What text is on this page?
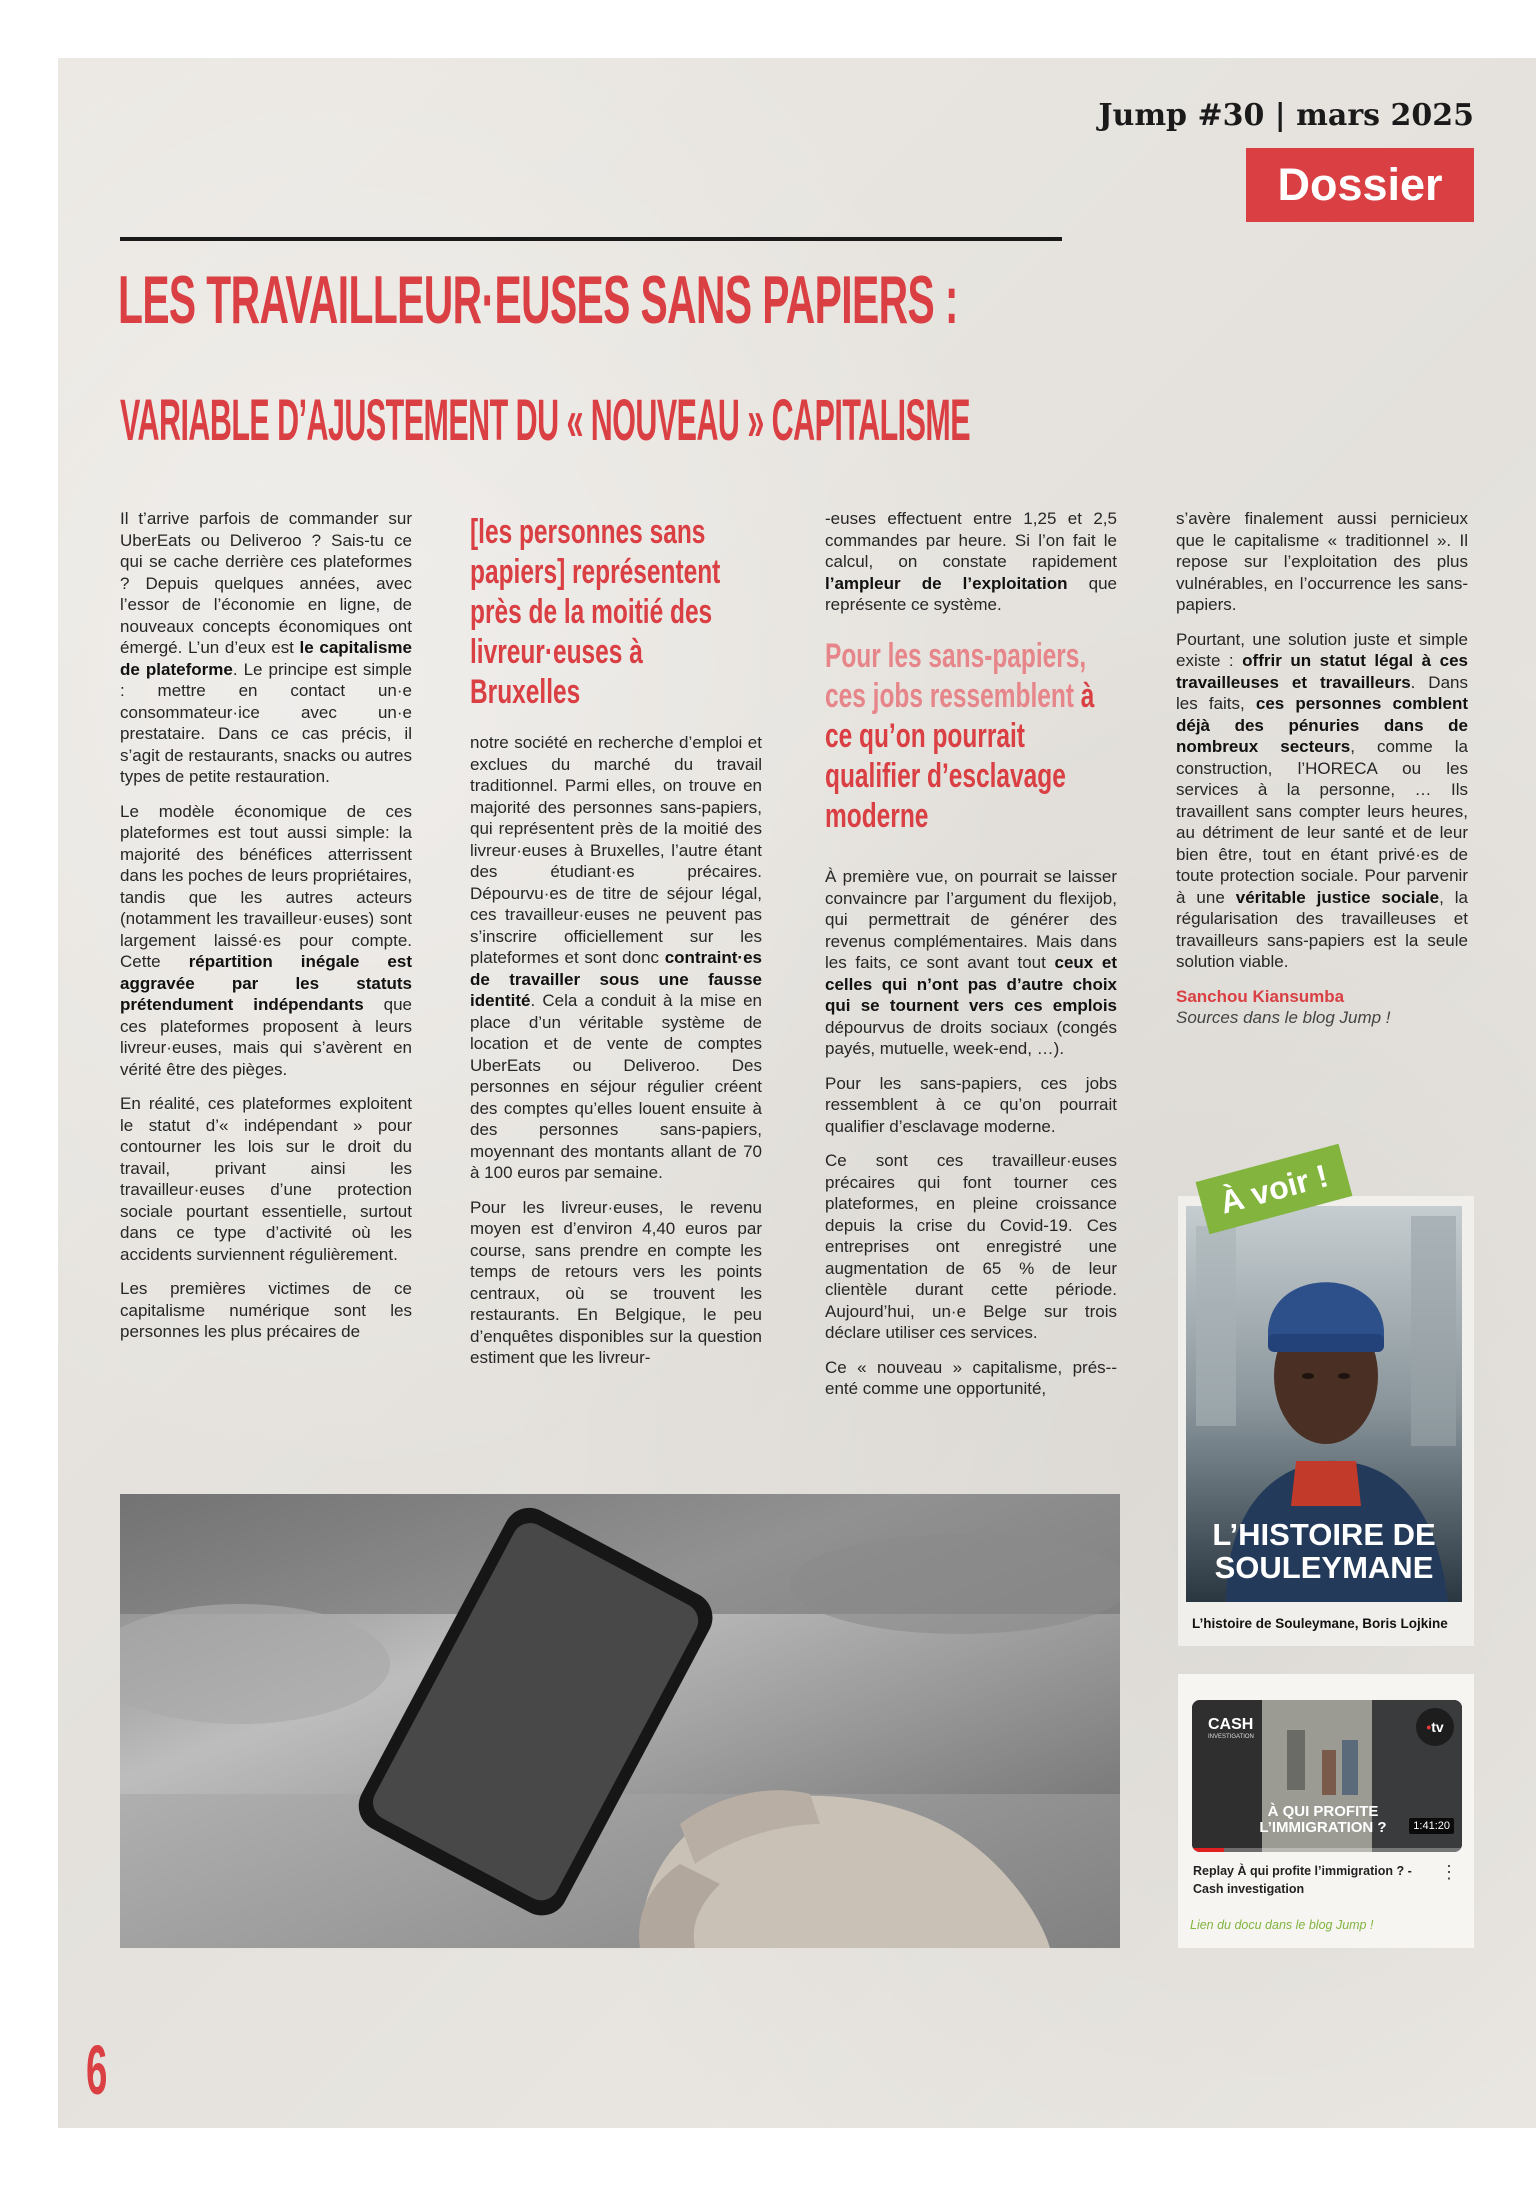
Jump #30 | mars 2025
Dossier
LES TRAVAILLEUR·EUSES SANS PAPIERS :
VARIABLE D’AJUSTEMENT DU « NOUVEAU » CAPITALISME

Il t’arrive parfois de commander sur UberEats ou Deliveroo ? Sais-tu ce qui se cache derrière ces plateformes ? Depuis quelques années, avec l’essor de l’économie en ligne, de nouveaux concepts économiques ont émergé. L’un d’eux est le capitalisme de plateforme. Le principe est simple : mettre en contact un·e consommateur·ice avec un·e prestataire. Dans ce cas précis, il s’agit de restaurants, snacks ou autres types de petite restauration.

Le modèle économique de ces plateformes est tout aussi simple: la majorité des bénéfices atterrissent dans les poches de leurs propriétaires, tandis que les autres acteurs (notamment les travailleur·euses) sont largement laissé·es pour compte. Cette répartition inégale est aggravée par les statuts prétendument indépendants que ces plateformes proposent à leurs livreur·euses, mais qui s’avèrent en vérité être des pièges.

En réalité, ces plateformes exploitent le statut d’« indépendant » pour contourner les lois sur le droit du travail, privant ainsi les travailleur·euses d’une protection sociale pourtant essentielle, surtout dans ce type d’activité où les accidents surviennent régulièrement.

Les premières victimes de ce capitalisme numérique sont les personnes les plus précaires de

[les personnes sans papiers] représentent près de la moitié des livreur·euses à Bruxelles

notre société en recherche d’emploi et exclues du marché du travail traditionnel. Parmi elles, on trouve en majorité des personnes sans-papiers, qui représentent près de la moitié des livreur·euses à Bruxelles, l’autre étant des étudiant·es précaires. Dépourvu·es de titre de séjour légal, ces travailleur·euses ne peuvent pas s’inscrire officiellement sur les plateformes et sont donc contraint·es de travailler sous une fausse identité. Cela a conduit à la mise en place d’un véritable système de location et de vente de comptes UberEats ou Deliveroo. Des personnes en séjour régulier créent des comptes qu’elles louent ensuite à des personnes sans-papiers, moyennant des montants allant de 70 à 100 euros par semaine.

Pour les livreur·euses, le revenu moyen est d’environ 4,40 euros par course, sans prendre en compte les temps de retours vers les points centraux, où se trouvent les restaurants. En Belgique, le peu d’enquêtes disponibles sur la question estiment que les livreur-

-euses effectuent entre 1,25 et 2,5 commandes par heure. Si l’on fait le calcul, on constate rapidement l’ampleur de l’exploitation que représente ce système.

Pour les sans-papiers, ces jobs ressemblent à ce qu’on pourrait qualifier d’esclavage moderne

À première vue, on pourrait se laisser convaincre par l’argument du flexijob, qui permettrait de générer des revenus complémentaires. Mais dans les faits, ce sont avant tout ceux et celles qui n’ont pas d’autre choix qui se tournent vers ces emplois dépourvus de droits sociaux (congés payés, mutuelle, week-end, …).

Pour les sans-papiers, ces jobs ressemblent à ce qu’on pourrait qualifier d’esclavage moderne.

Ce sont ces travailleur·euses précaires qui font tourner ces plateformes, en pleine croissance depuis la crise du Covid-19. Ces entreprises ont enregistré une augmentation de 65 % de leur clientèle durant cette période. Aujourd’hui, un·e Belge sur trois déclare utiliser ces services.

Ce « nouveau » capitalisme, prés--enté comme une opportunité,

s’avère finalement aussi pernicieux que le capitalisme « traditionnel ». Il repose sur l’exploitation des plus vulnérables, en l’occurrence les sans-papiers.

Pourtant, une solution juste et simple existe : offrir un statut légal à ces travailleuses et travailleurs. Dans les faits, ces personnes comblent déjà des pénuries dans de nombreux secteurs, comme la construction, l’HORECA ou les services à la personne, … Ils travaillent sans compter leurs heures, au détriment de leur santé et de leur bien être, tout en étant privé·es de toute protection sociale. Pour parvenir à une véritable justice sociale, la régularisation des travailleuses et travailleurs sans-papiers est la seule solution viable.

Sanchou Kiansumba

Sources dans le blog Jump !

L’HISTOIRE DE SOULEYMANE
À voir !
L’histoire de Souleymane, Boris Lojkine
CASH
INVESTIGATION
• tv
À QUI PROFITE L’IMMIGRATION ?	1:41:20
Replay À qui profite l’immigration ? - Cash investigation
⋮
Lien du docu dans le blog Jump !
6
